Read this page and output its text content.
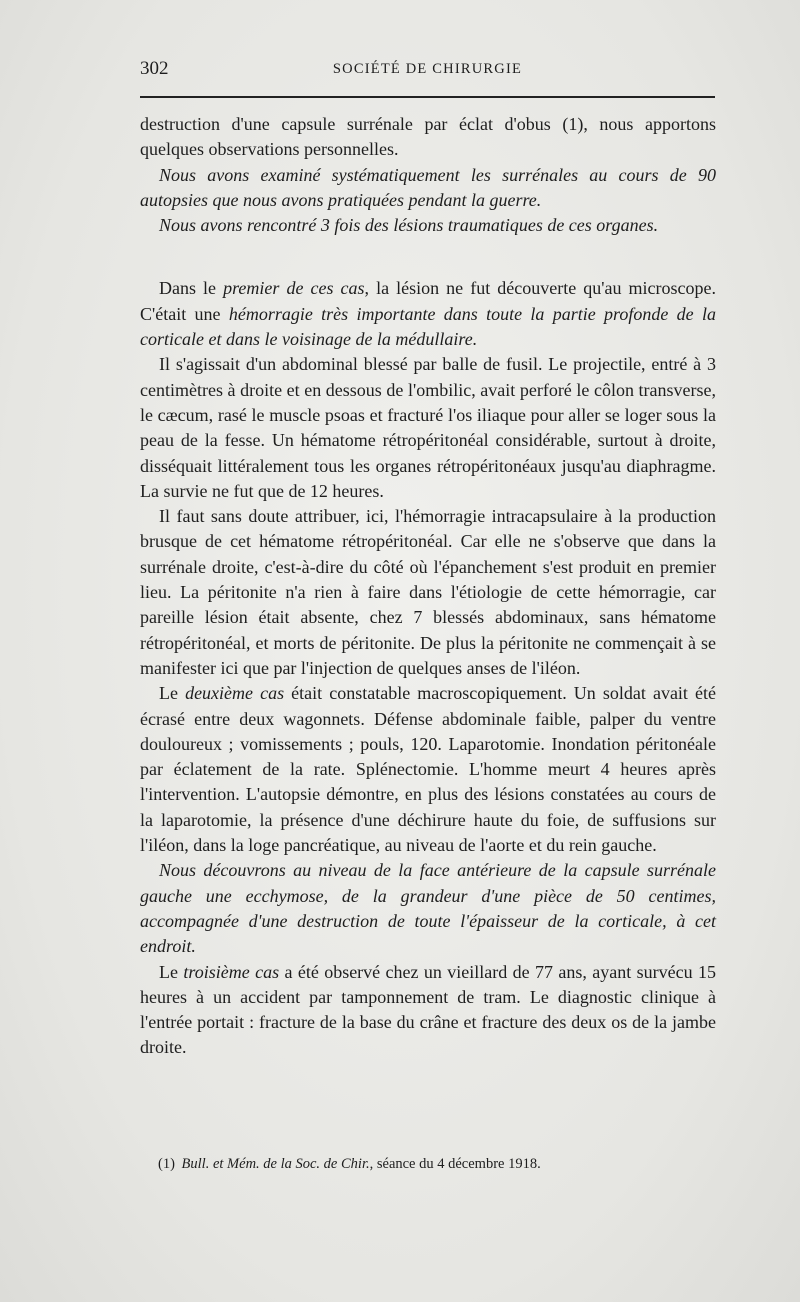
302	SOCIÉTÉ DE CHIRURGIE

destruction d'une capsule surrénale par éclat d'obus (1), nous apportons quelques observations personnelles.

Nous avons examiné systématiquement les surrénales au cours de 90 autopsies que nous avons pratiquées pendant la guerre.

Nous avons rencontré 3 fois des lésions traumatiques de ces organes.

Dans le premier de ces cas, la lésion ne fut découverte qu'au microscope. C'était une hémorragie très importante dans toute la partie profonde de la corticale et dans le voisinage de la médullaire.

Il s'agissait d'un abdominal blessé par balle de fusil. Le projectile, entré à 3 centimètres à droite et en dessous de l'ombilic, avait perforé le côlon transverse, le cæcum, rasé le muscle psoas et fracturé l'os iliaque pour aller se loger sous la peau de la fesse. Un hématome rétropéritonéal considérable, surtout à droite, disséquait littéralement tous les organes rétropéritonéaux jusqu'au diaphragme. La survie ne fut que de 12 heures.

Il faut sans doute attribuer, ici, l'hémorragie intracapsulaire à la production brusque de cet hématome rétropéritonéal. Car elle ne s'observe que dans la surrénale droite, c'est-à-dire du côté où l'épanchement s'est produit en premier lieu. La péritonite n'a rien à faire dans l'étiologie de cette hémorragie, car pareille lésion était absente, chez 7 blessés abdominaux, sans hématome rétropéritonéal, et morts de péritonite. De plus la péritonite ne commençait à se manifester ici que par l'injection de quelques anses de l'iléon.

Le deuxième cas était constatable macroscopiquement. Un soldat avait été écrasé entre deux wagonnets. Défense abdominale faible, palper du ventre douloureux ; vomissements ; pouls, 120. Laparotomie. Inondation péritonéale par éclatement de la rate. Splénectomie. L'homme meurt 4 heures après l'intervention. L'autopsie démontre, en plus des lésions constatées au cours de la laparotomie, la présence d'une déchirure haute du foie, de suffusions sur l'iléon, dans la loge pancréatique, au niveau de l'aorte et du rein gauche.

Nous découvrons au niveau de la face antérieure de la capsule surrénale gauche une ecchymose, de la grandeur d'une pièce de 50 centimes, accompagnée d'une destruction de toute l'épaisseur de la corticale, à cet endroit.

Le troisième cas a été observé chez un vieillard de 77 ans, ayant survécu 15 heures à un accident par tamponnement de tram. Le diagnostic clinique à l'entrée portait : fracture de la base du crâne et fracture des deux os de la jambe droite.

(1) Bull. et Mém. de la Soc. de Chir., séance du 4 décembre 1918.
